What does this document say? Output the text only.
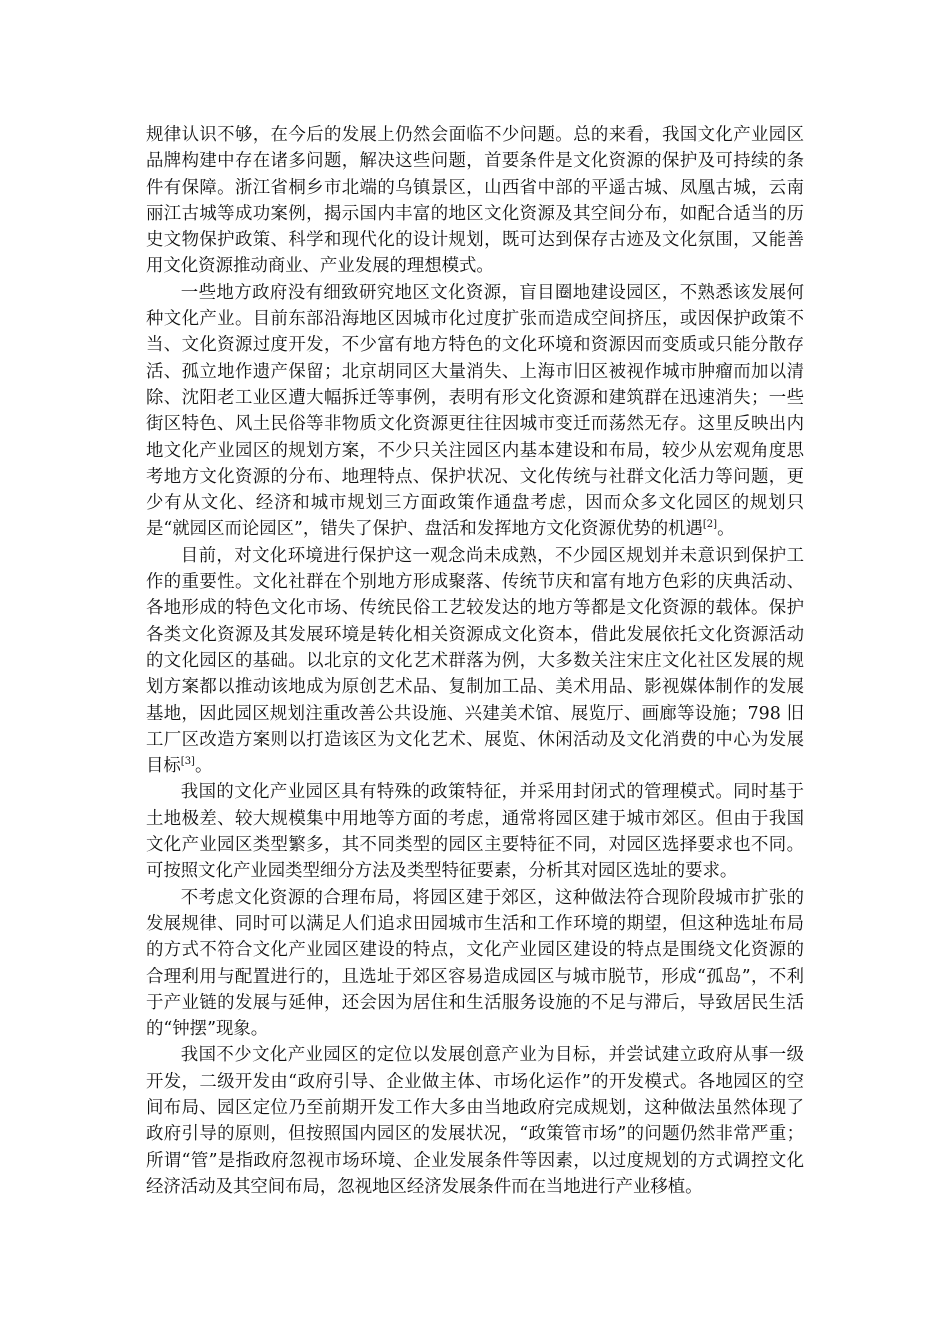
规律认识不够，在今后的发展上仍然会面临不少问题。总的来看，我国文化产业园区品牌构建中存在诸多问题，解决这些问题，首要条件是文化资源的保护及可持续的条件有保障。浙江省桐乡市北端的乌镇景区，山西省中部的平遥古城、凤凰古城，云南丽江古城等成功案例，揭示国内丰富的地区文化资源及其空间分布，如配合适当的历史文物保护政策、科学和现代化的设计规划，既可达到保存古迹及文化氛围，又能善用文化资源推动商业、产业发展的理想模式。

一些地方政府没有细致研究地区文化资源，盲目圈地建设园区，不熟悉该发展何种文化产业。目前东部沿海地区因城市化过度扩张而造成空间挤压，或因保护政策不当、文化资源过度开发，不少富有地方特色的文化环境和资源因而变质或只能分散存活、孤立地作遗产保留；北京胡同区大量消失、上海市旧区被视作城市肿瘤而加以清除、沈阳老工业区遭大幅拆迁等事例，表明有形文化资源和建筑群在迅速消失；一些街区特色、风土民俗等非物质文化资源更往往因城市变迁而荡然无存。这里反映出内地文化产业园区的规划方案，不少只关注园区内基本建设和布局，较少从宏观角度思考地方文化资源的分布、地理特点、保护状况、文化传统与社群文化活力等问题，更少有从文化、经济和城市规划三方面政策作通盘考虑，因而众多文化园区的规划只是“就园区而论园区”，错失了保护、盘活和发挥地方文化资源优势的机遇[2]。

目前，对文化环境进行保护这一观念尚未成熟，不少园区规划并未意识到保护工作的重要性。文化社群在个别地方形成聚落、传统节庆和富有地方色彩的庆典活动、各地形成的特色文化市场、传统民俗工艺较发达的地方等都是文化资源的载体。保护各类文化资源及其发展环境是转化相关资源成文化资本，借此发展依托文化资源活动的文化园区的基础。以北京的文化艺术群落为例，大多数关注宋庄文化社区发展的规划方案都以推动该地成为原创艺术品、复制加工品、美术用品、影视媒体制作的发展基地，因此园区规划注重改善公共设施、兴建美术馆、展览厅、画廊等设施；798 旧工厂区改造方案则以打造该区为文化艺术、展览、休闲活动及文化消费的中心为发展目标[3]。

我国的文化产业园区具有特殊的政策特征，并采用封闭式的管理模式。同时基于土地极差、较大规模集中用地等方面的考虑，通常将园区建于城市郊区。但由于我国文化产业园区类型繁多，其不同类型的园区主要特征不同，对园区选择要求也不同。可按照文化产业园类型细分方法及类型特征要素，分析其对园区选址的要求。

不考虑文化资源的合理布局，将园区建于郊区，这种做法符合现阶段城市扩张的发展规律、同时可以满足人们追求田园城市生活和工作环境的期望，但这种选址布局的方式不符合文化产业园区建设的特点，文化产业园区建设的特点是围绕文化资源的合理利用与配置进行的，且选址于郊区容易造成园区与城市脱节，形成“孤岛”，不利于产业链的发展与延伸，还会因为居住和生活服务设施的不足与滞后，导致居民生活的“钟摆”现象。

我国不少文化产业园区的定位以发展创意产业为目标，并尝试建立政府从事一级开发，二级开发由“政府引导、企业做主体、市场化运作”的开发模式。各地园区的空间布局、园区定位乃至前期开发工作大多由当地政府完成规划，这种做法虽然体现了政府引导的原则，但按照国内园区的发展状况，“政策管市场”的问题仍然非常严重；所谓“管”是指政府忽视市场环境、企业发展条件等因素，以过度规划的方式调控文化经济活动及其空间布局，忽视地区经济发展条件而在当地进行产业移植。
